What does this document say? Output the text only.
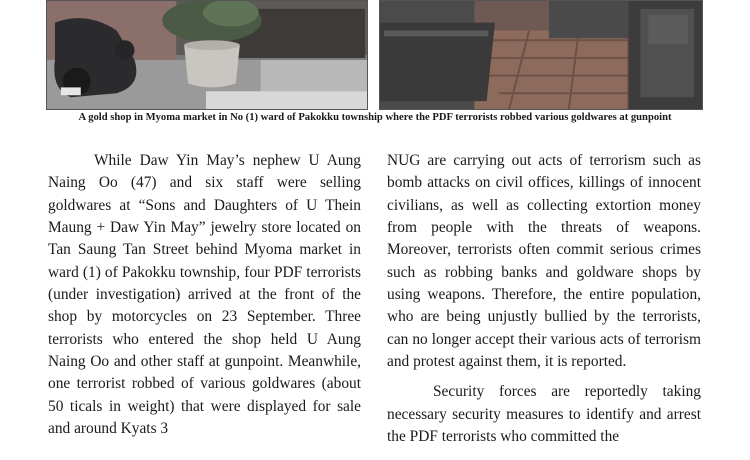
A gold shop in Myoma market in No (1) ward of Pakokku township where the PDF terrorists robbed various goldwares at gunpoint

While Daw Yin May’s nephew U Aung Naing Oo (47) and six staff were selling goldwares at “Sons and Daughters of U Thein Maung + Daw Yin May” jewelry store located on Tan Saung Tan Street behind Myoma market in ward (1) of Pakokku township, four PDF terrorists (under investigation) arrived at the front of the shop by motorcycles on 23 September. Three terrorists who entered the shop held U Aung Naing Oo and other staff at gunpoint. Meanwhile, one terrorist robbed of various goldwares (about 50 ticals in weight) that were displayed for sale and around Kyats 3

NUG are carrying out acts of terrorism such as bomb attacks on civil offices, killings of innocent civilians, as well as collecting extortion money from people with the threats of weapons. Moreover, terrorists often commit serious crimes such as robbing banks and goldware shops by using weapons. Therefore, the entire population, who are being unjustly bullied by the terrorists, can no longer accept their various acts of terrorism and protest against them, it is reported.

Security forces are reportedly taking necessary security measures to identify and arrest the PDF terrorists who committed the
